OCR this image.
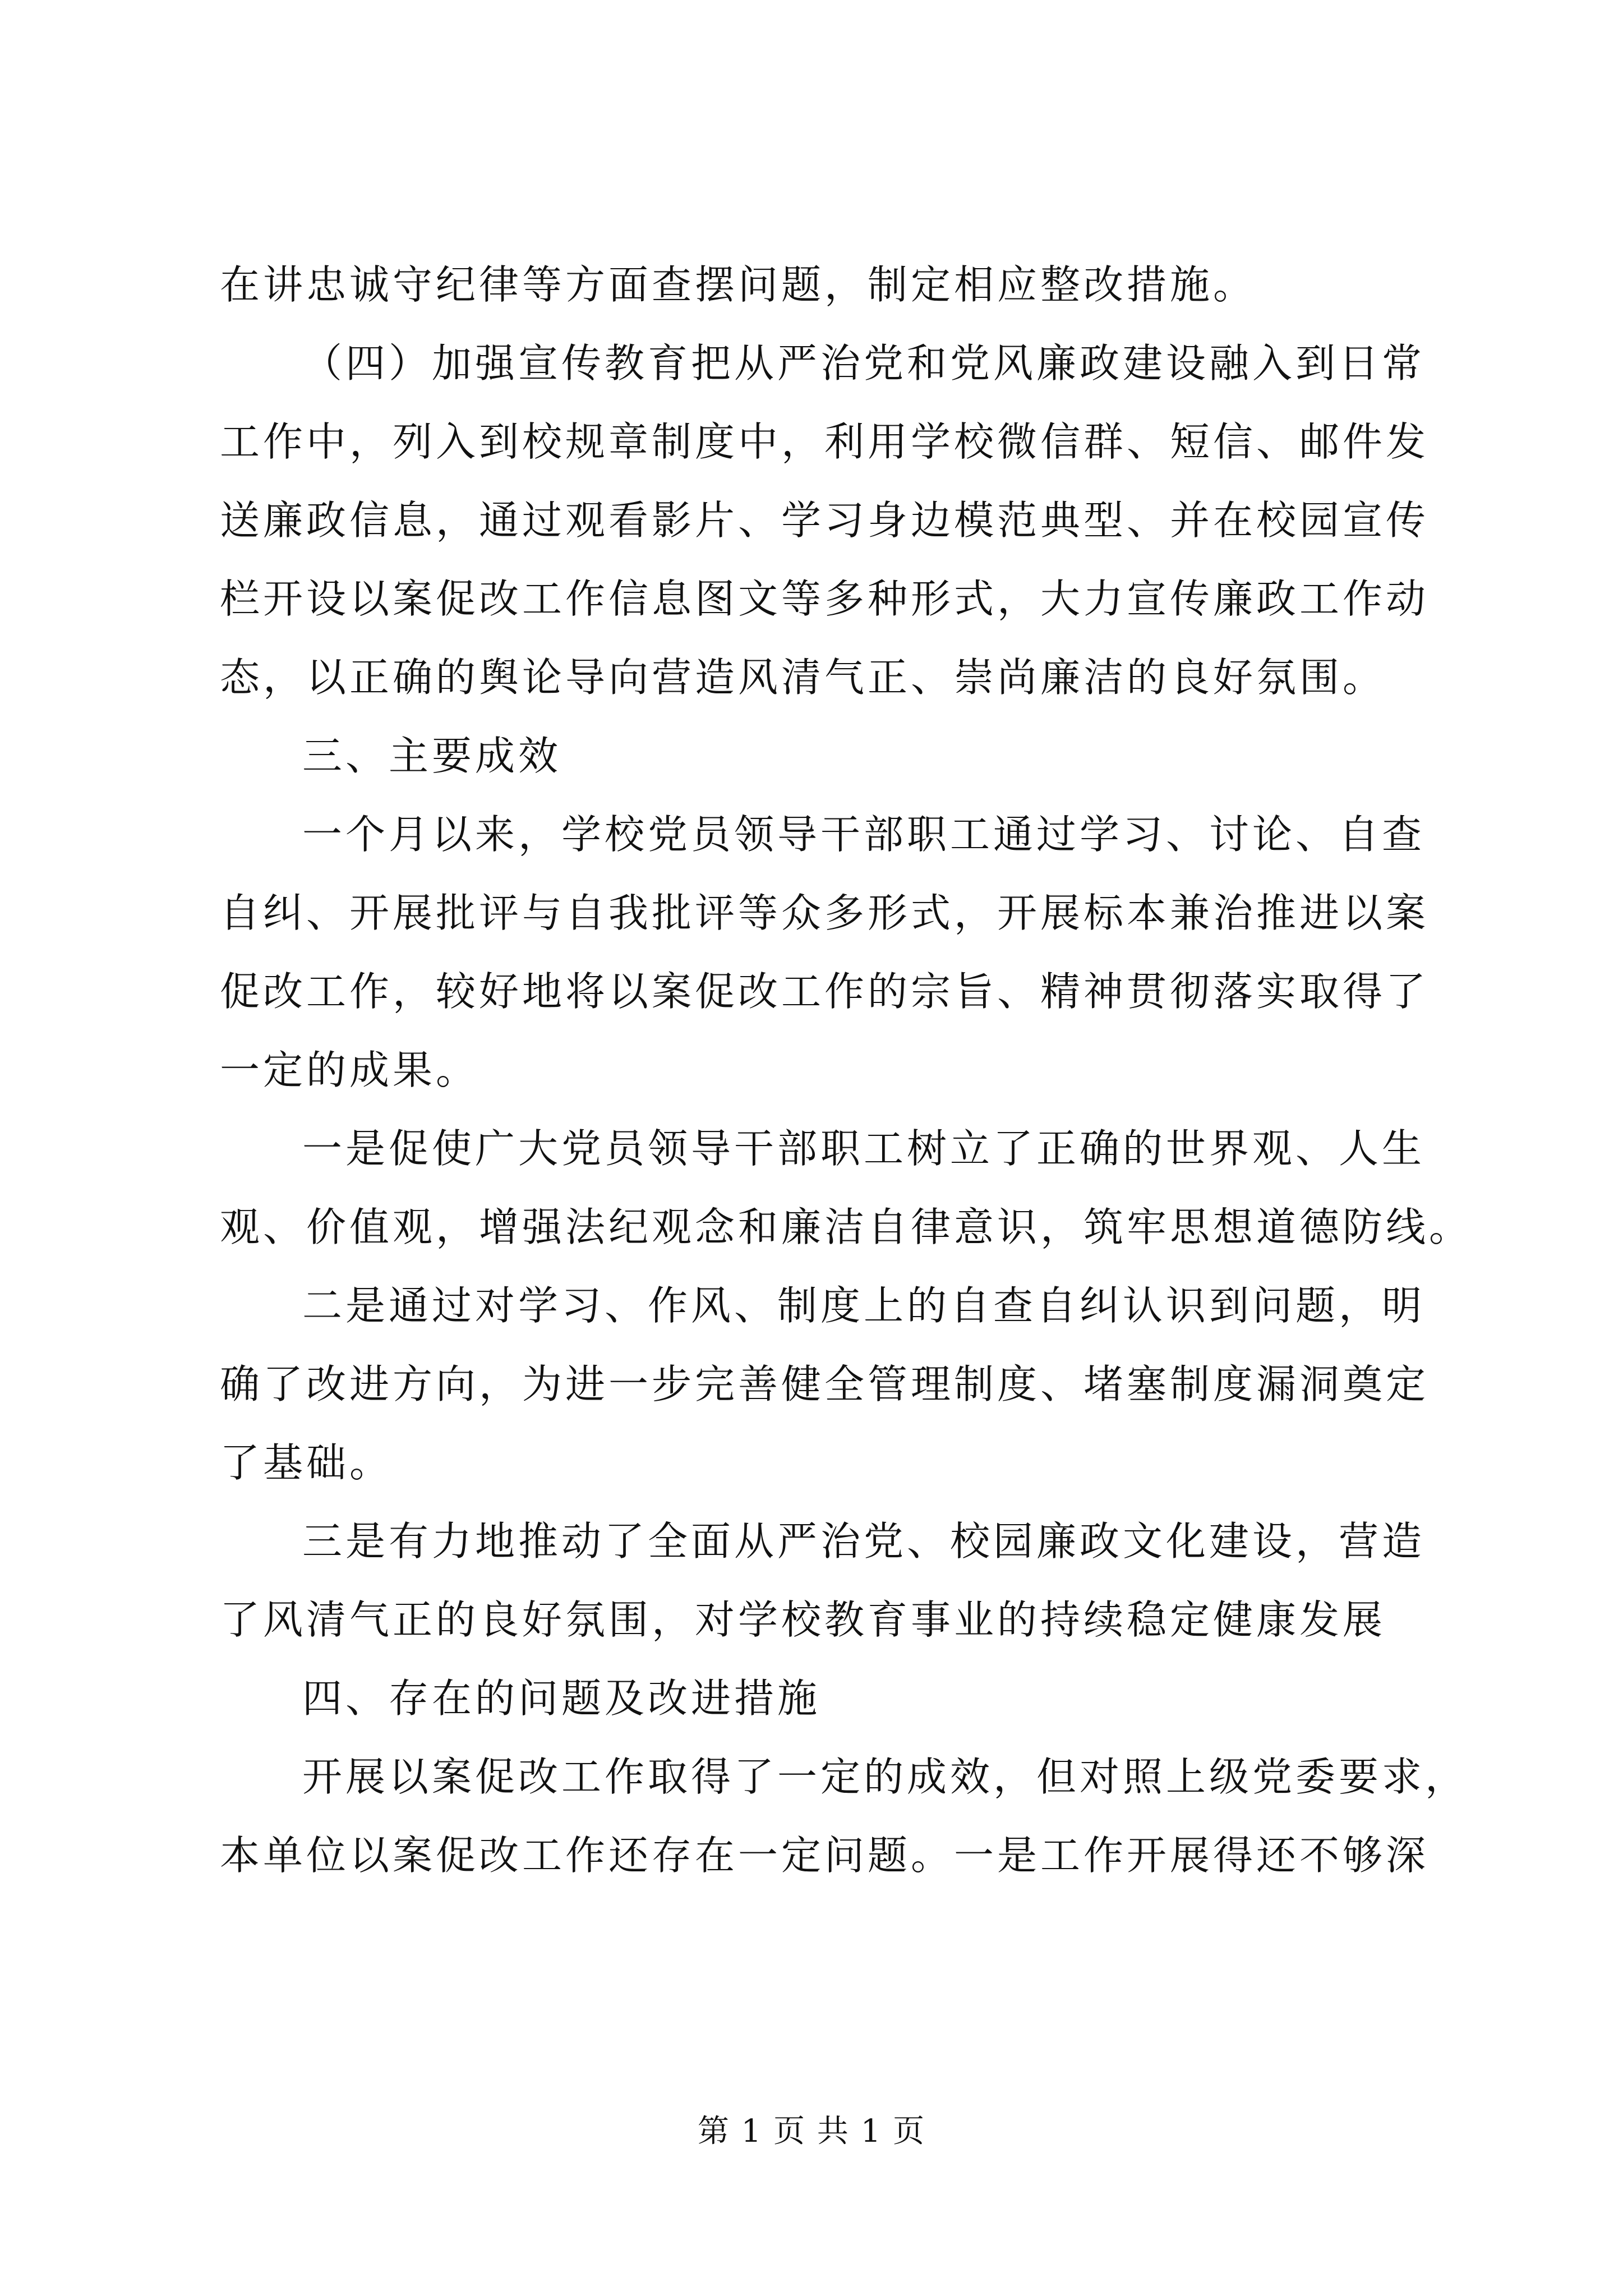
在讲忠诚守纪律等方面查摆问题，制定相应整改措施。
（四）加强宣传教育把从严治党和党风廉政建设融入到日常
工作中，列入到校规章制度中，利用学校微信群、短信、邮件发
送廉政信息，通过观看影片、学习身边模范典型、并在校园宣传
栏开设以案促改工作信息图文等多种形式，大力宣传廉政工作动
态，以正确的舆论导向营造风清气正、崇尚廉洁的良好氛围。
三、主要成效
一个月以来，学校党员领导干部职工通过学习、讨论、自查
自纠、开展批评与自我批评等众多形式，开展标本兼治推进以案
促改工作，较好地将以案促改工作的宗旨、精神贯彻落实取得了
一定的成果。
一是促使广大党员领导干部职工树立了正确的世界观、人生
观、价值观，增强法纪观念和廉洁自律意识，筑牢思想道德防线。
二是通过对学习、作风、制度上的自查自纠认识到问题，明
确了改进方向，为进一步完善健全管理制度、堵塞制度漏洞奠定
了基础。
三是有力地推动了全面从严治党、校园廉政文化建设，营造
了风清气正的良好氛围，对学校教育事业的持续稳定健康发展
四、存在的问题及改进措施
开展以案促改工作取得了一定的成效，但对照上级党委要求，
本单位以案促改工作还存在一定问题。一是工作开展得还不够深
第 1 页 共 1 页
